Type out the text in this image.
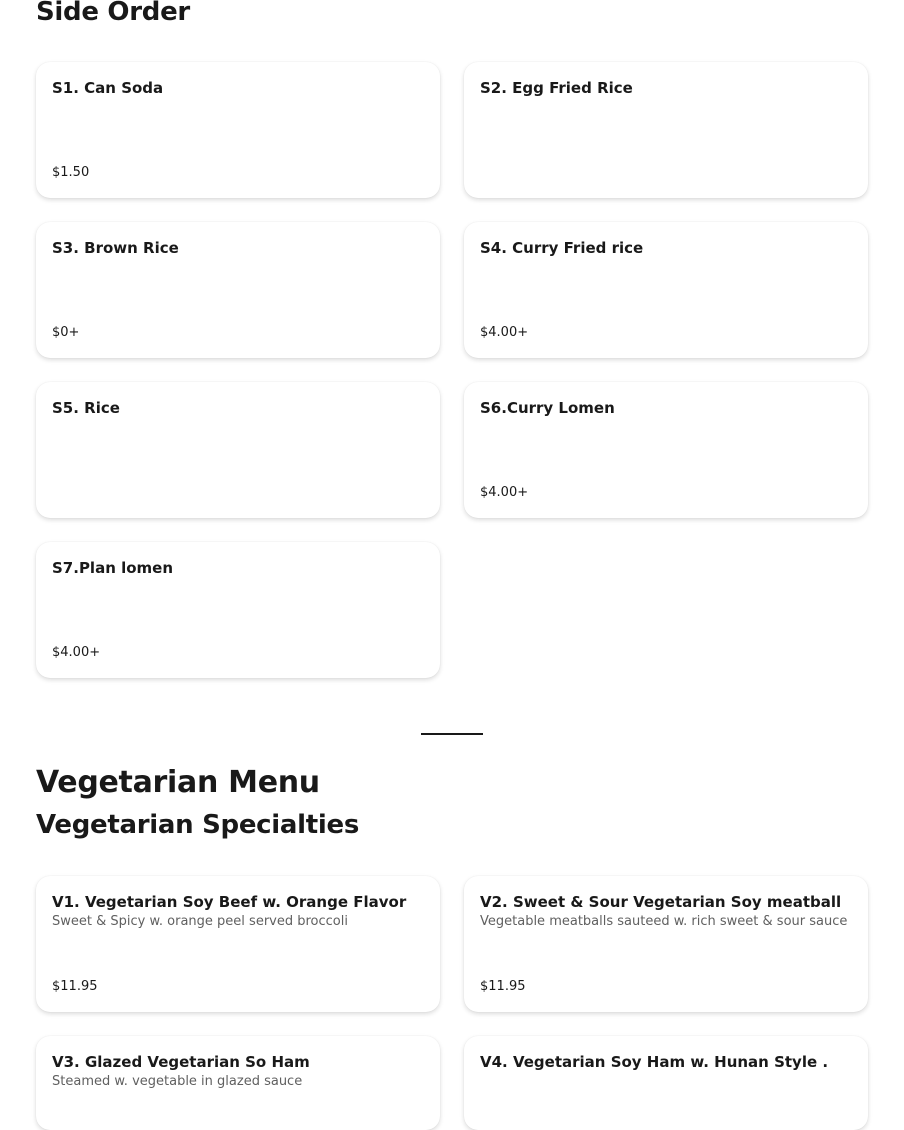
Side Order
S1. Can Soda
$1.50
S2. Egg Fried Rice
S3. Brown Rice
$0+
S4. Curry Fried rice
$4.00+
S5. Rice	S6.Curry Lomen
$4.00+
S7.Plan lomen
$4.00+
Vegetarian Menu
Vegetarian Specialties
V1. Vegetarian Soy Beef w. Orange Flavor
Sweet & Spicy w. orange peel served broccoli
$11.95
V2. Sweet & Sour Vegetarian Soy meatball
Vegetable meatballs sauteed w. rich sweet & sour sauce
$11.95
V3. Glazed Vegetarian So Ham
Steamed w. vegetable in glazed sauce
V4. Vegetarian Soy Ham w. Hunan Style .
